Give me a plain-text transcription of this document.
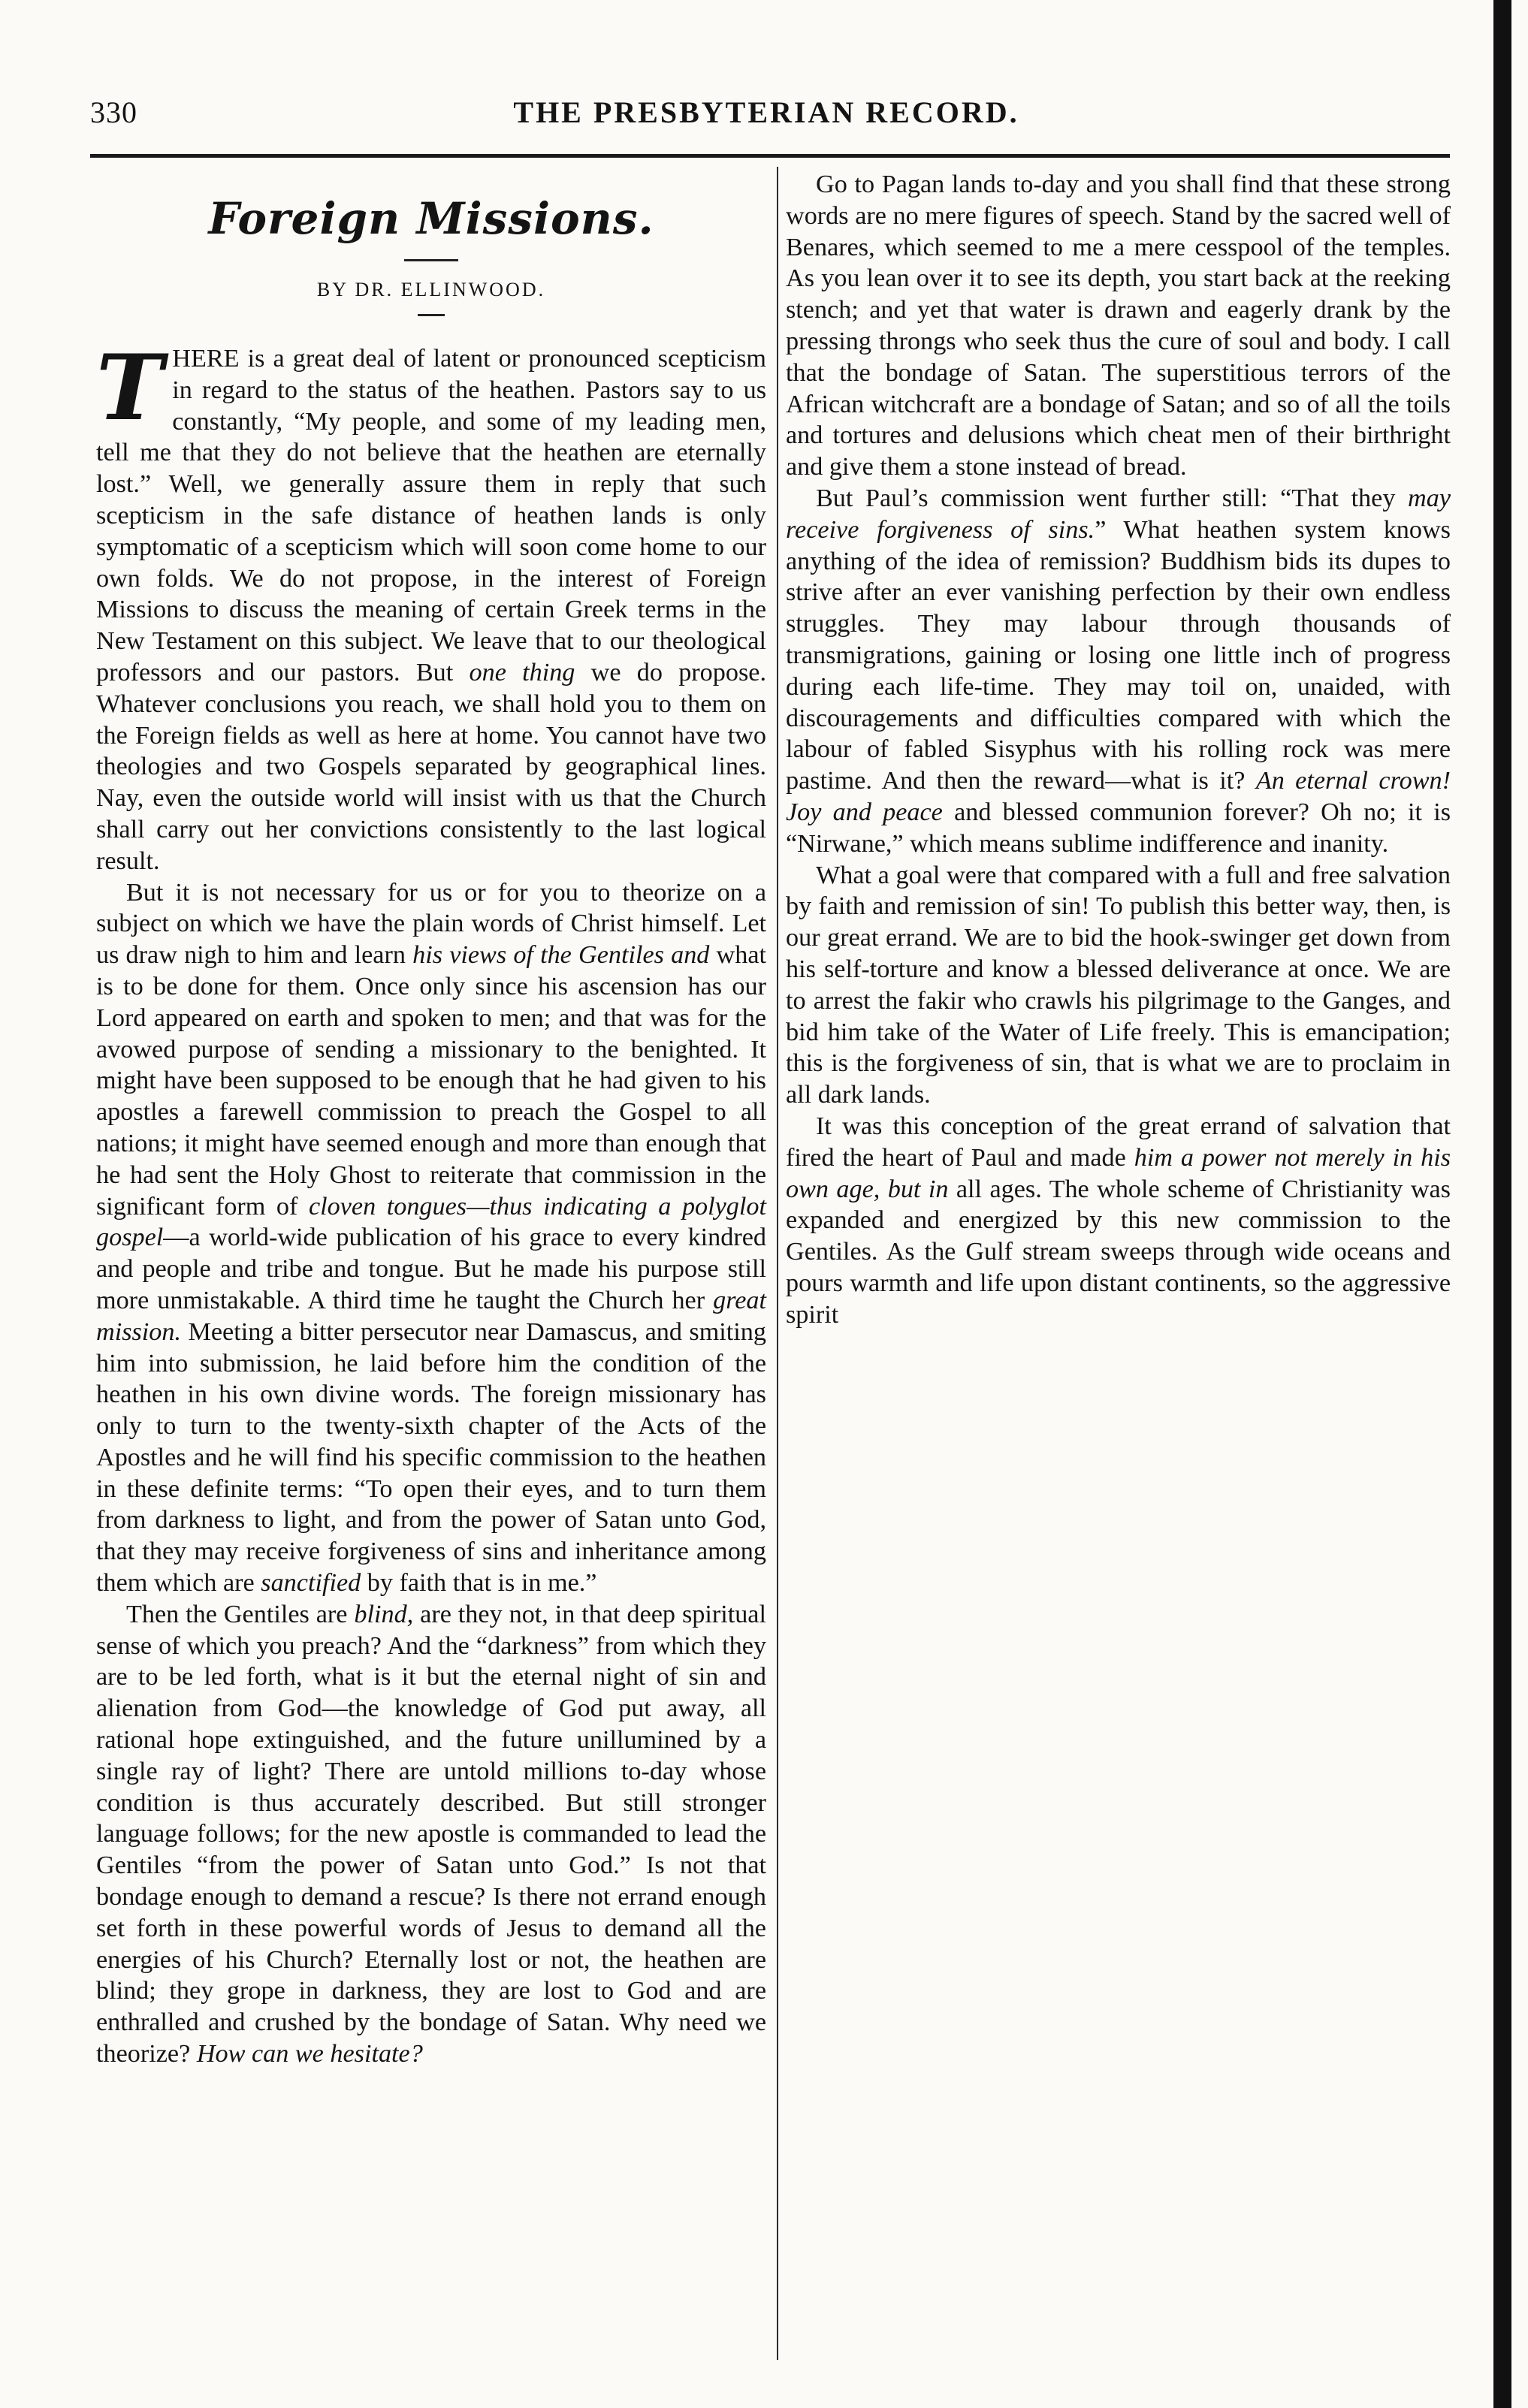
330	THE PRESBYTERIAN RECORD.
Foreign Missions.
BY DR. ELLINWOOD.

THERE is a great deal of latent or pronounced scepticism in regard to the status of the heathen. Pastors say to us constantly, “My people, and some of my leading men, tell me that they do not believe that the heathen are eternally lost.” Well, we generally assure them in reply that such scepticism in the safe distance of heathen lands is only symptomatic of a scepticism which will soon come home to our own folds. We do not propose, in the interest of Foreign Missions to discuss the meaning of certain Greek terms in the New Testament on this subject. We leave that to our theological professors and our pastors. But one thing we do propose. Whatever conclusions you reach, we shall hold you to them on the Foreign fields as well as here at home. You cannot have two theologies and two Gospels separated by geographical lines. Nay, even the outside world will insist with us that the Church shall carry out her convictions consistently to the last logical result.

But it is not necessary for us or for you to theorize on a subject on which we have the plain words of Christ himself. Let us draw nigh to him and learn his views of the Gentiles and what is to be done for them. Once only since his ascension has our Lord appeared on earth and spoken to men; and that was for the avowed purpose of sending a missionary to the benighted. It might have been supposed to be enough that he had given to his apostles a farewell commission to preach the Gospel to all nations; it might have seemed enough and more than enough that he had sent the Holy Ghost to reiterate that commission in the significant form of cloven tongues—thus indicating a polyglot gospel—a world-wide publication of his grace to every kindred and people and tribe and tongue. But he made his purpose still more unmistakable. A third time he taught the Church her great mission. Meeting a bitter persecutor near Damascus, and smiting him into submission, he laid before him the condition of the heathen in his own divine words. The foreign missionary has only to turn to the twenty-sixth chapter of the Acts of the Apostles and he will find his specific commission to the heathen in these definite terms: “To open their eyes, and to turn them from darkness to light, and from the power of Satan unto God, that they may receive forgiveness of sins and inheritance among them which are sanctified by faith that is in me.”

Then the Gentiles are blind, are they not, in that deep spiritual sense of which you preach? And the “darkness” from which they are to be led forth, what is it but the eternal night of sin and alienation from God—the knowledge of God put away, all rational hope extinguished, and the future unillumined by a single ray of light? There are untold millions to-day whose condition is thus accurately described. But still stronger language follows; for the new apostle is commanded to lead the Gentiles “from the power of Satan unto God.” Is not that bondage enough to demand a rescue? Is there not errand enough set forth in these powerful words of Jesus to demand all the energies of his Church? Eternally lost or not, the heathen are blind; they grope in darkness, they are lost to God and are enthralled and crushed by the bondage of Satan. Why need we theorize? How can we hesitate?

Go to Pagan lands to-day and you shall find that these strong words are no mere figures of speech. Stand by the sacred well of Benares, which seemed to me a mere cesspool of the temples. As you lean over it to see its depth, you start back at the reeking stench; and yet that water is drawn and eagerly drank by the pressing throngs who seek thus the cure of soul and body. I call that the bondage of Satan. The superstitious terrors of the African witchcraft are a bondage of Satan; and so of all the toils and tortures and delusions which cheat men of their birthright and give them a stone instead of bread.

But Paul’s commission went further still: “That they may receive forgiveness of sins.” What heathen system knows anything of the idea of remission? Buddhism bids its dupes to strive after an ever vanishing perfection by their own endless struggles. They may labour through thousands of transmigrations, gaining or losing one little inch of progress during each life-time. They may toil on, unaided, with discouragements and difficulties compared with which the labour of fabled Sisyphus with his rolling rock was mere pastime. And then the reward—what is it? An eternal crown! Joy and peace and blessed communion forever? Oh no; it is “Nirwane,” which means sublime indifference and inanity.

What a goal were that compared with a full and free salvation by faith and remission of sin! To publish this better way, then, is our great errand. We are to bid the hook-swinger get down from his self-torture and know a blessed deliverance at once. We are to arrest the fakir who crawls his pilgrimage to the Ganges, and bid him take of the Water of Life freely. This is emancipation; this is the forgiveness of sin, that is what we are to proclaim in all dark lands.

It was this conception of the great errand of salvation that fired the heart of Paul and made him a power not merely in his own age, but in all ages. The whole scheme of Christianity was expanded and energized by this new commission to the Gentiles. As the Gulf stream sweeps through wide oceans and pours warmth and life upon distant continents, so the aggressive spirit
